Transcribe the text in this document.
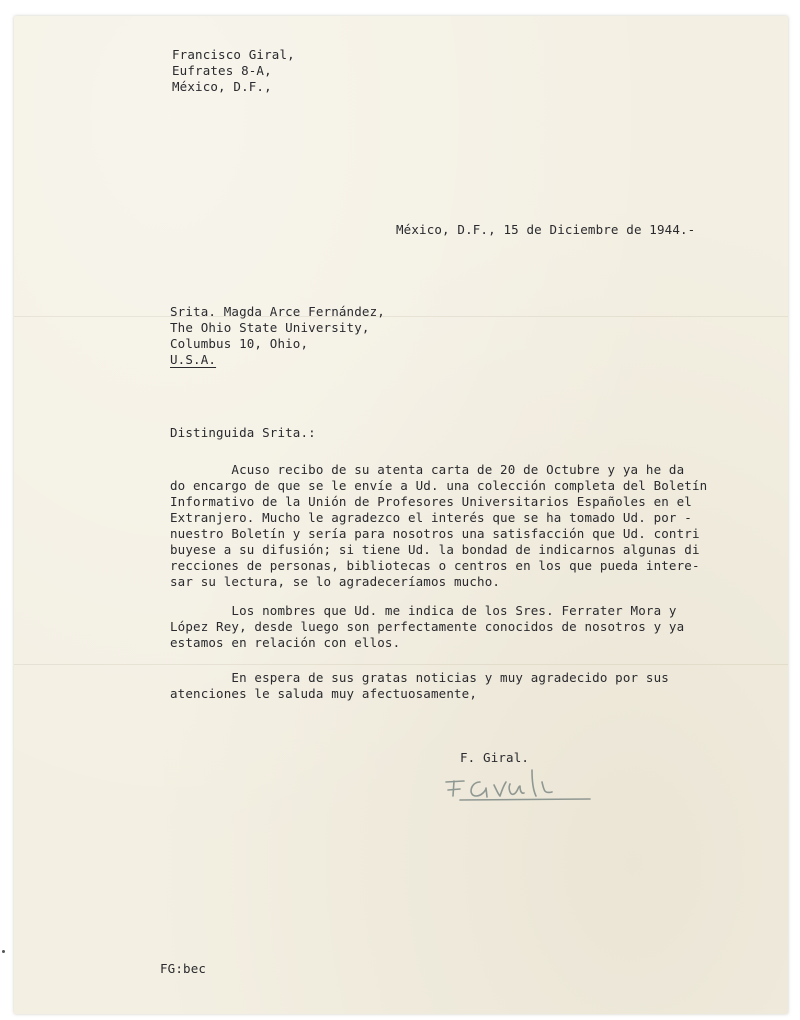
Francisco Giral,
Eufrates 8-A,
México, D.F.,
México, D.F., 15 de Diciembre de 1944.-
Srita. Magda Arce Fernández,
The Ohio State University,
Columbus 10, Ohio,
U.S.A.
Distinguida Srita.:
Acuso recibo de su atenta carta de 20 de Octubre y ya he da
do encargo de que se le envíe a Ud. una colección completa del Boletín
Informativo de la Unión de Profesores Universitarios Españoles en el
Extranjero. Mucho le agradezco el interés que se ha tomado Ud. por -
nuestro Boletín y sería para nosotros una satisfacción que Ud. contri
buyese a su difusión; si tiene Ud. la bondad de indicarnos algunas di
recciones de personas, bibliotecas o centros en los que pueda intere-
sar su lectura, se lo agradeceríamos mucho.
Los nombres que Ud. me indica de los Sres. Ferrater Mora y
López Rey, desde luego son perfectamente conocidos de nosotros y ya
estamos en relación con ellos.
En espera de sus gratas noticias y muy agradecido por sus
atenciones le saluda muy afectuosamente,
F. Giral.
FG:bec
